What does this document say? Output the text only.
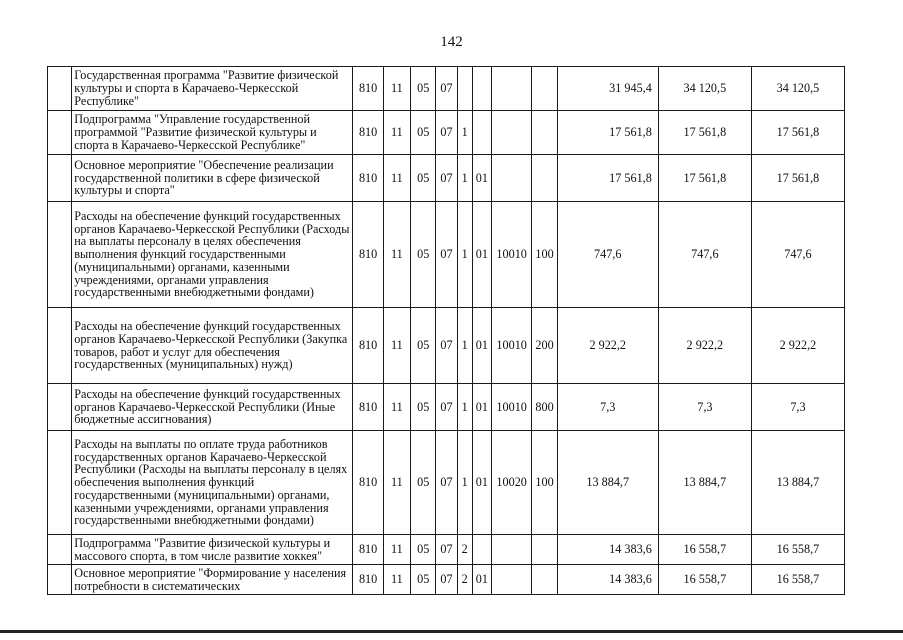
142
	Государственная программа "Развитие физической культуры и спорта в Карачаево-Черкесской Республике"	810	11	05	07					31 945,4	34 120,5	34 120,5
	Подпрограмма "Управление государственной программой "Развитие физической культуры и спорта в Карачаево-Черкесской Республике"	810	11	05	07	1				17 561,8	17 561,8	17 561,8
	Основное мероприятие "Обеспечение реализации государственной политики в сфере физической культуры и спорта"	810	11	05	07	1	01			17 561,8	17 561,8	17 561,8
	Расходы на обеспечение функций государственных органов Карачаево-Черкесской Республики (Расходы на выплаты персоналу в целях обеспечения выполнения функций государственными (муниципальными) органами, казенными учреждениями, органами управления государственными внебюджетными фондами)	810	11	05	07	1	01	10010	100	747,6	747,6	747,6
	Расходы на обеспечение функций государственных органов Карачаево-Черкесской Республики (Закупка товаров, работ и услуг для обеспечения государственных (муниципальных) нужд)	810	11	05	07	1	01	10010	200	2 922,2	2 922,2	2 922,2
	Расходы на обеспечение функций государственных органов Карачаево-Черкесской Республики (Иные бюджетные ассигнования)	810	11	05	07	1	01	10010	800	7,3	7,3	7,3
	Расходы на выплаты по оплате труда работников государственных органов Карачаево-Черкесской Республики (Расходы на выплаты персоналу в целях обеспечения выполнения функций государственными (муниципальными) органами, казенными учреждениями, органами управления государственными внебюджетными фондами)	810	11	05	07	1	01	10020	100	13 884,7	13 884,7	13 884,7
	Подпрограмма "Развитие физической культуры и массового спорта, в том числе развитие хоккея"	810	11	05	07	2				14 383,6	16 558,7	16 558,7
	Основное мероприятие "Формирование у населения потребности в систематических	810	11	05	07	2	01			14 383,6	16 558,7	16 558,7
